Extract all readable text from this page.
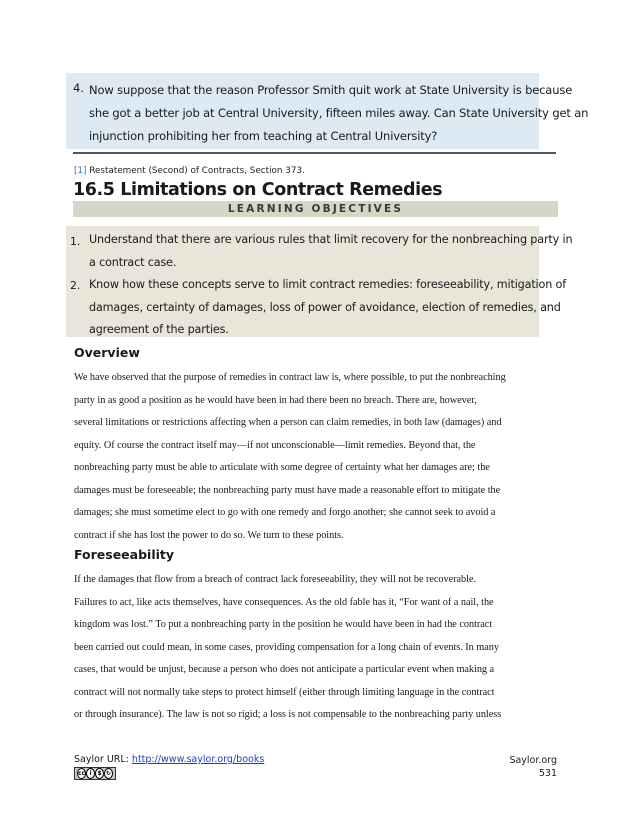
4. Now suppose that the reason Professor Smith quit work at State University is because
she got a better job at Central University, fifteen miles away. Can State University get an
injunction prohibiting her from teaching at Central University?
[1] Restatement (Second) of Contracts, Section 373.
16.5 Limitations on Contract Remedies
LEARNING OBJECTIVES
1. Understand that there are various rules that limit recovery for the nonbreaching party in
a contract case.
2. Know how these concepts serve to limit contract remedies: foreseeability, mitigation of
damages, certainty of damages, loss of power of avoidance, election of remedies, and
agreement of the parties.
Overview
We have observed that the purpose of remedies in contract law is, where possible, to put the nonbreaching
party in as good a position as he would have been in had there been no breach. There are, however,
several limitations or restrictions affecting when a person can claim remedies, in both law (damages) and
equity. Of course the contract itself may—if not unconscionable—limit remedies. Beyond that, the
nonbreaching party must be able to articulate with some degree of certainty what her damages are; the
damages must be foreseeable; the nonbreaching party must have made a reasonable effort to mitigate the
damages; she must sometime elect to go with one remedy and forgo another; she cannot seek to avoid a
contract if she has lost the power to do so. We turn to these points.
Foreseeability
If the damages that flow from a breach of contract lack foreseeability, they will not be recoverable.
Failures to act, like acts themselves, have consequences. As the old fable has it, “For want of a nail, the
kingdom was lost.” To put a nonbreaching party in the position he would have been in had the contract
been carried out could mean, in some cases, providing compensation for a long chain of events. In many
cases, that would be unjust, because a person who does not anticipate a particular event when making a
contract will not normally take steps to protect himself (either through limiting language in the contract
or through insurance). The law is not so rigid; a loss is not compensable to the nonbreaching party unless
Saylor URL: http://www.saylor.org/books
cc i $ ↻
Saylor.org
531
